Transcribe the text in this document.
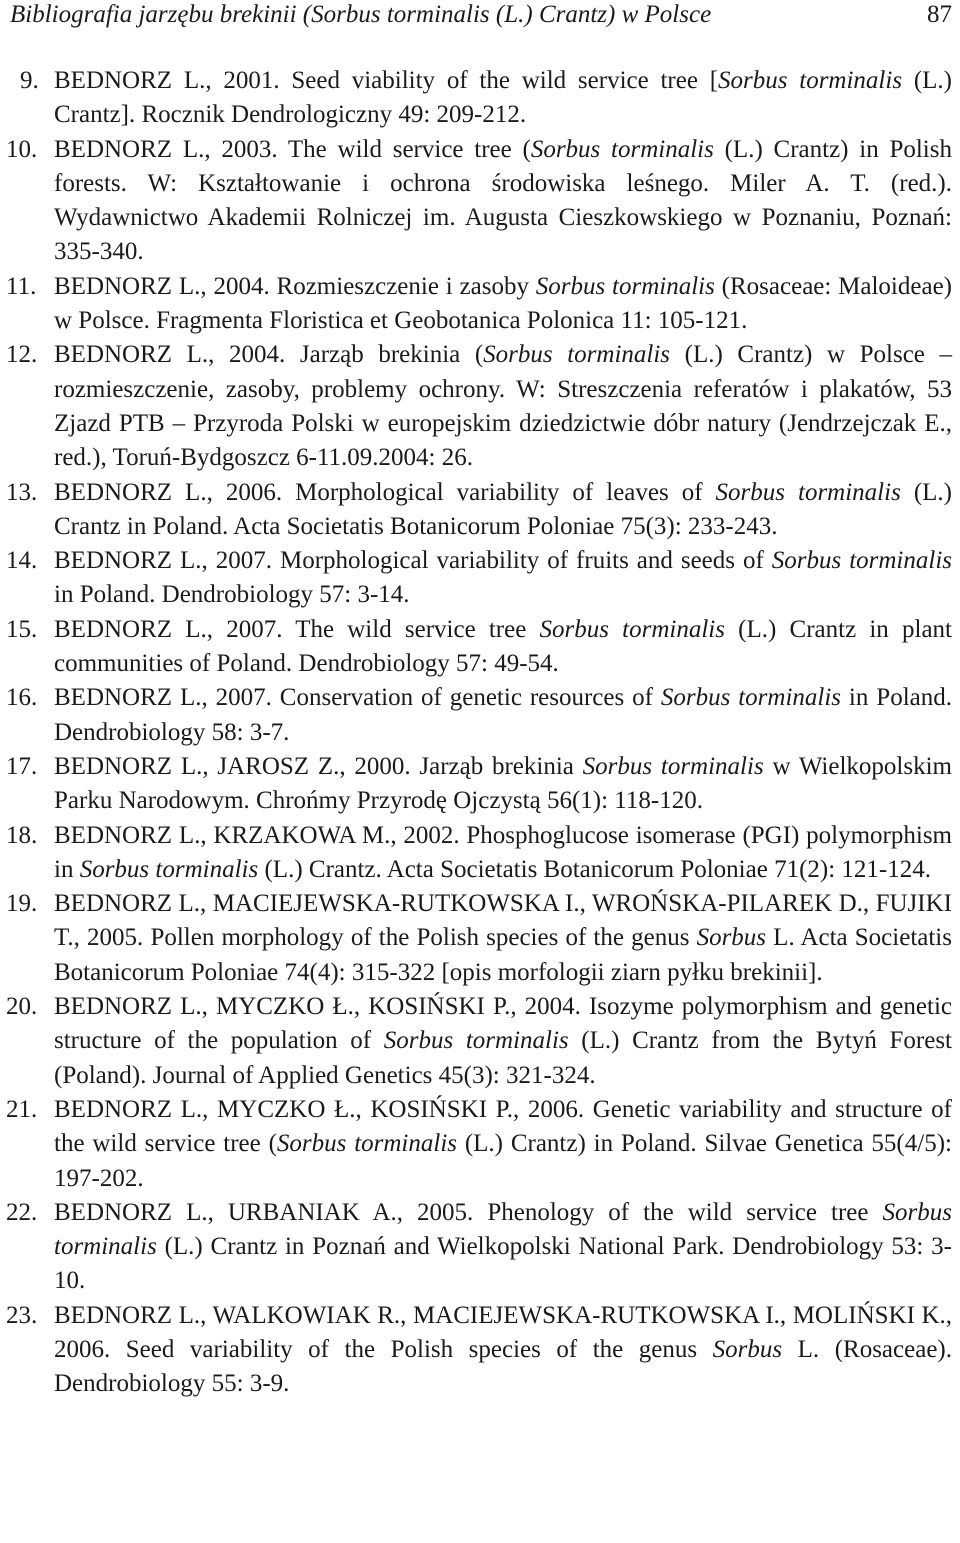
Bibliografia jarzębu brekinii (Sorbus torminalis (L.) Crantz) w Polsce	87

9. BEDNORZ L., 2001. Seed viability of the wild service tree [Sorbus torminalis (L.) Crantz]. Rocznik Dendrologiczny 49: 209-212.

10. BEDNORZ L., 2003. The wild service tree (Sorbus torminalis (L.) Crantz) in Polish forests. W: Kształtowanie i ochrona środowiska leśnego. Miler A. T. (red.). Wydawnictwo Akademii Rolniczej im. Augusta Cieszkowskiego w Poznaniu, Poznań: 335-340.

11. BEDNORZ L., 2004. Rozmieszczenie i zasoby Sorbus torminalis (Rosaceae: Maloideae) w Polsce. Fragmenta Floristica et Geobotanica Polonica 11: 105-121.

12. BEDNORZ L., 2004. Jarząb brekinia (Sorbus torminalis (L.) Crantz) w Polsce – rozmieszczenie, zasoby, problemy ochrony. W: Streszczenia referatów i plakatów, 53 Zjazd PTB – Przyroda Polski w europejskim dziedzictwie dóbr natury (Jendrzejczak E., red.), Toruń-Bydgoszcz 6-11.09.2004: 26.

13. BEDNORZ L., 2006. Morphological variability of leaves of Sorbus torminalis (L.) Crantz in Poland. Acta Societatis Botanicorum Poloniae 75(3): 233-243.

14. BEDNORZ L., 2007. Morphological variability of fruits and seeds of Sorbus torminalis in Poland. Dendrobiology 57: 3-14.

15. BEDNORZ L., 2007. The wild service tree Sorbus torminalis (L.) Crantz in plant communities of Poland. Dendrobiology 57: 49-54.

16. BEDNORZ L., 2007. Conservation of genetic resources of Sorbus torminalis in Poland. Dendrobiology 58: 3-7.

17. BEDNORZ L., JAROSZ Z., 2000. Jarząb brekinia Sorbus torminalis w Wielkopolskim Parku Narodowym. Chrońmy Przyrodę Ojczystą 56(1): 118-120.

18. BEDNORZ L., KRZAKOWA M., 2002. Phosphoglucose isomerase (PGI) polymorphism in Sorbus torminalis (L.) Crantz. Acta Societatis Botanicorum Poloniae 71(2): 121-124.

19. BEDNORZ L., MACIEJEWSKA-RUTKOWSKA I., WROŃSKA-PILAREK D., FUJIKI T., 2005. Pollen morphology of the Polish species of the genus Sorbus L. Acta Societatis Botanicorum Poloniae 74(4): 315-322 [opis morfologii ziarn pyłku brekinii].

20. BEDNORZ L., MYCZKO Ł., KOSIŃSKI P., 2004. Isozyme polymorphism and genetic structure of the population of Sorbus torminalis (L.) Crantz from the Bytyń Forest (Poland). Journal of Applied Genetics 45(3): 321-324.

21. BEDNORZ L., MYCZKO Ł., KOSIŃSKI P., 2006. Genetic variability and structure of the wild service tree (Sorbus torminalis (L.) Crantz) in Poland. Silvae Genetica 55(4/5): 197-202.

22. BEDNORZ L., URBANIAK A., 2005. Phenology of the wild service tree Sorbus torminalis (L.) Crantz in Poznań and Wielkopolski National Park. Dendrobiology 53: 3-10.

23. BEDNORZ L., WALKOWIAK R., MACIEJEWSKA-RUTKOWSKA I., MOLIŃSKI K., 2006. Seed variability of the Polish species of the genus Sorbus L. (Rosaceae). Dendrobiology 55: 3-9.
